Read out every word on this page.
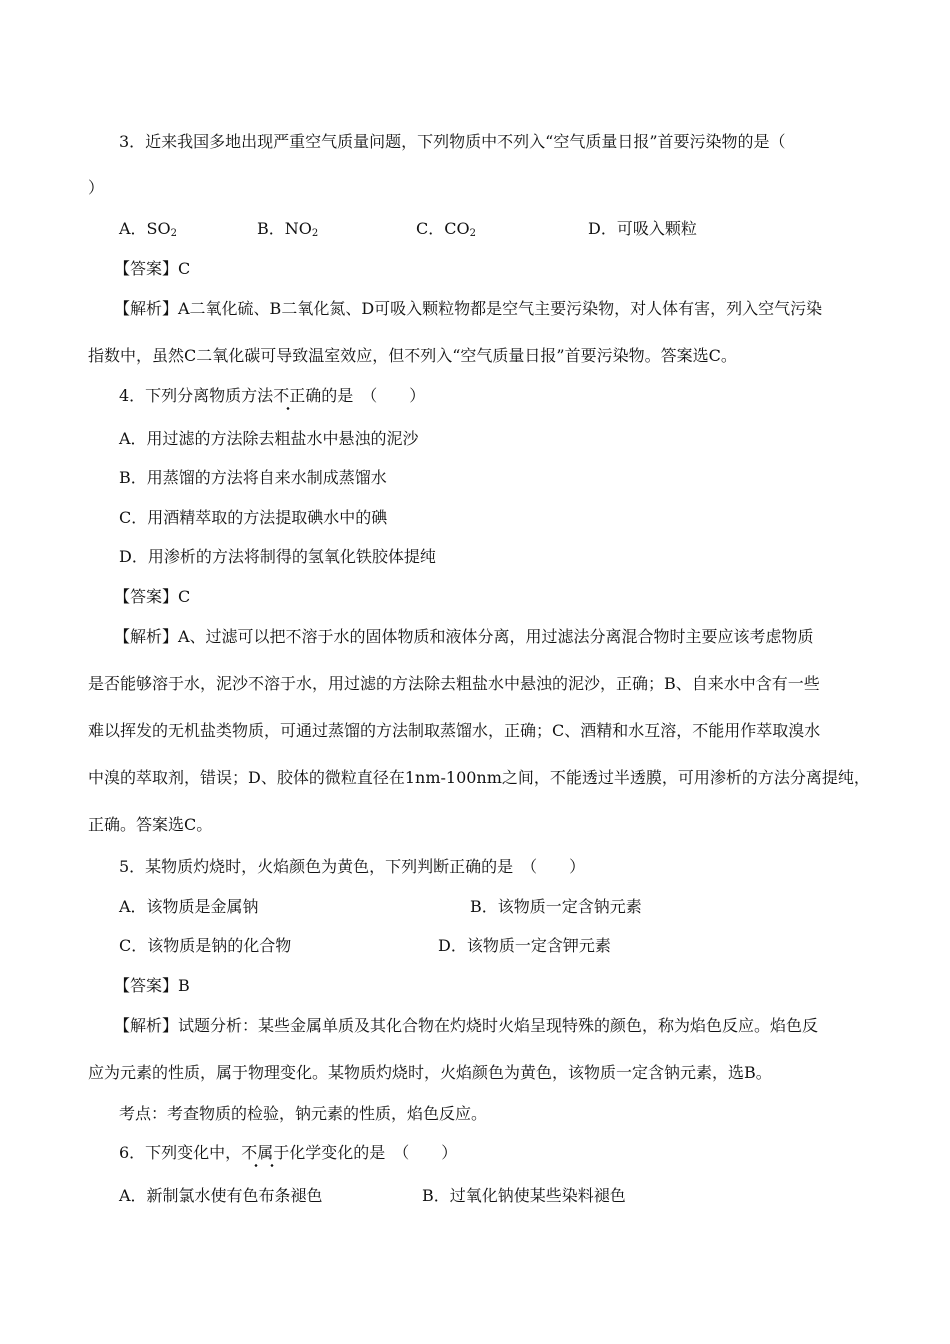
3．近来我国多地出现严重空气质量问题，下列物质中不列入“空气质量日报”首要污染物的是（
）
A．$SO_2$	B．$NO_2$	C．$CO_2$	D．可吸入颗粒
【答案】C
【解析】A二氧化硫、B二氧化氮、D可吸入颗粒物都是空气主要污染物，对人体有害，列入空气污染
指数中，虽然C二氧化碳可导致温室效应，但不列入“空气质量日报”首要污染物。答案选C。
4．下列分离物质方法不正确的是　（　　）
A．用过滤的方法除去粗盐水中悬浊的泥沙
B．用蒸馏的方法将自来水制成蒸馏水
C．用酒精萃取的方法提取碘水中的碘
D．用渗析的方法将制得的氢氧化铁胶体提纯
【答案】C
【解析】A、过滤可以把不溶于水的固体物质和液体分离，用过滤法分离混合物时主要应该考虑物质
是否能够溶于水，泥沙不溶于水，用过滤的方法除去粗盐水中悬浊的泥沙，正确；B、自来水中含有一些
难以挥发的无机盐类物质，可通过蒸馏的方法制取蒸馏水，正确；C、酒精和水互溶，不能用作萃取溴水
中溴的萃取剂，错误；D、胶体的微粒直径在1nm-100nm之间，不能透过半透膜，可用渗析的方法分离提纯，
正确。答案选C。
5．某物质灼烧时，火焰颜色为黄色，下列判断正确的是　（　　）
A．该物质是金属钠	B．该物质一定含钠元素
C．该物质是钠的化合物	D．该物质一定含钾元素
【答案】B
【解析】试题分析：某些金属单质及其化合物在灼烧时火焰呈现特殊的颜色，称为焰色反应。焰色反
应为元素的性质，属于物理变化。某物质灼烧时，火焰颜色为黄色，该物质一定含钠元素，选B。
考点：考查物质的检验，钠元素的性质，焰色反应。
6．下列变化中，不属于化学变化的是　（　　）
A．新制氯水使有色布条褪色	B．过氧化钠使某些染料褪色
